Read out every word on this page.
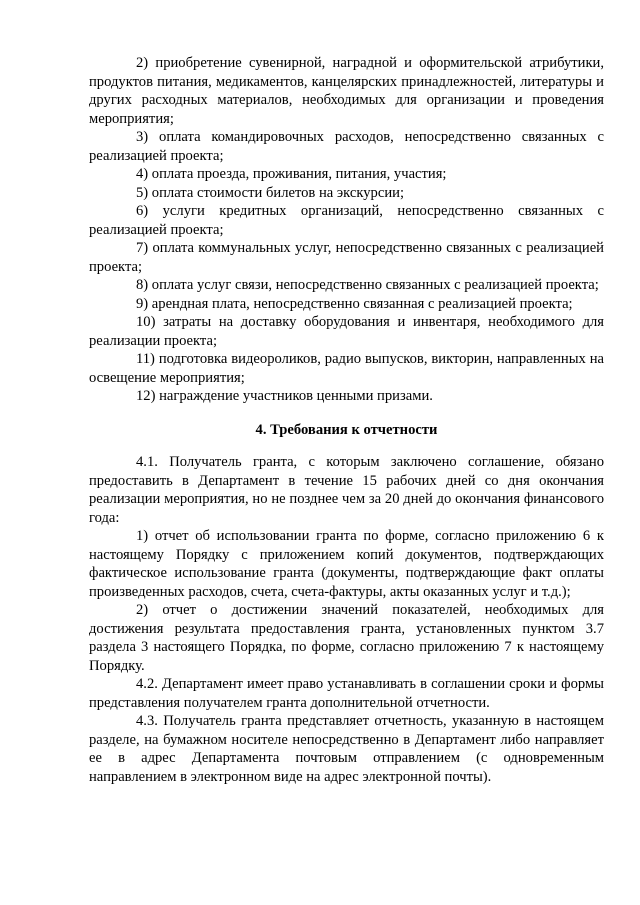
2) приобретение сувенирной, наградной и оформительской атрибутики, продуктов питания, медикаментов, канцелярских принадлежностей, литературы и других расходных материалов, необходимых для организации и проведения мероприятия;

3) оплата командировочных расходов, непосредственно связанных с реализацией проекта;

4) оплата проезда, проживания, питания, участия;

5) оплата стоимости билетов на экскурсии;

6) услуги кредитных организаций, непосредственно связанных с реализацией проекта;

7) оплата коммунальных услуг, непосредственно связанных с реализацией проекта;

8) оплата услуг связи, непосредственно связанных с реализацией проекта;

9) арендная плата, непосредственно связанная с реализацией проекта;

10) затраты на доставку оборудования и инвентаря, необходимого для реализации проекта;

11) подготовка видеороликов, радио выпусков, викторин, направленных на освещение мероприятия;

12) награждение участников ценными призами.

4. Требования к отчетности

4.1. Получатель гранта, с которым заключено соглашение, обязано предоставить в Департамент в течение 15 рабочих дней со дня окончания реализации мероприятия, но не позднее чем за 20 дней до окончания финансового года:

1) отчет об использовании гранта по форме, согласно приложению 6 к настоящему Порядку с приложением копий документов, подтверждающих фактическое использование гранта (документы, подтверждающие факт оплаты произведенных расходов, счета, счета-фактуры, акты оказанных услуг и т.д.);

2) отчет о достижении значений показателей, необходимых для достижения результата предоставления гранта, установленных пунктом 3.7 раздела 3 настоящего Порядка, по форме, согласно приложению 7 к настоящему Порядку.

4.2. Департамент имеет право устанавливать в соглашении сроки и формы представления получателем гранта дополнительной отчетности.

4.3. Получатель гранта представляет отчетность, указанную в настоящем разделе, на бумажном носителе непосредственно в Департамент либо направляет ее в адрес Департамента почтовым отправлением (с одновременным направлением в электронном виде на адрес электронной почты).
